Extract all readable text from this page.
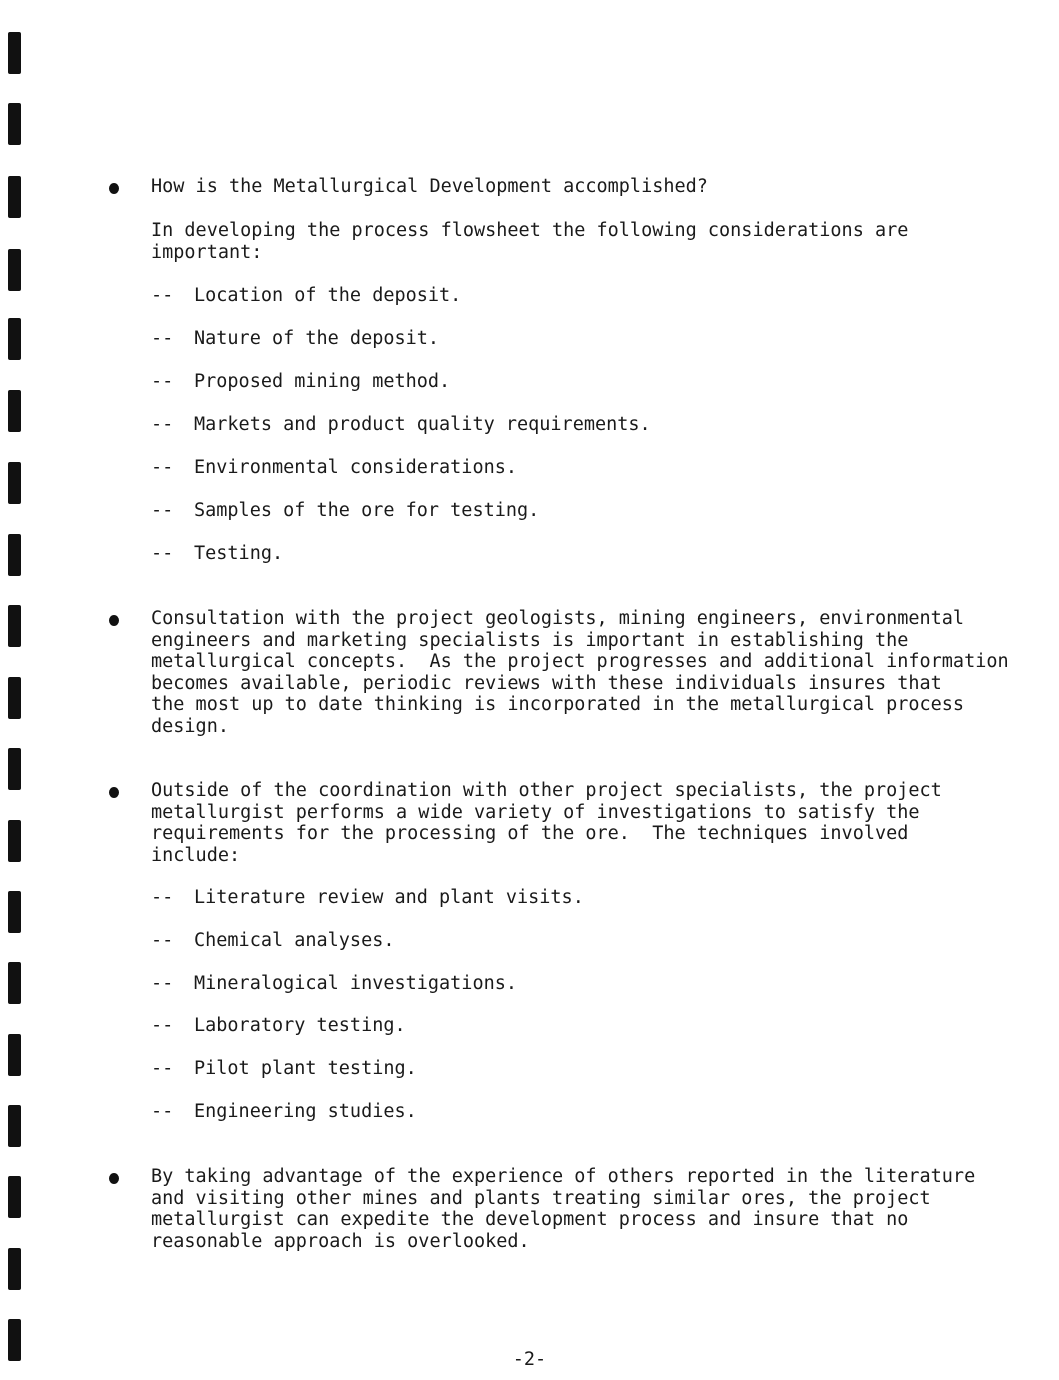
How is the Metallurgical Development accomplished?

In developing the process flowsheet the following considerations are
important:

-- Location of the deposit.

-- Nature of the deposit.

-- Proposed mining method.

-- Markets and product quality requirements.

-- Environmental considerations.

-- Samples of the ore for testing.

-- Testing.

Consultation with the project geologists, mining engineers, environmental
engineers and marketing specialists is important in establishing the
metallurgical concepts.  As the project progresses and additional information
becomes available, periodic reviews with these individuals insures that
the most up to date thinking is incorporated in the metallurgical process
design.

Outside of the coordination with other project specialists, the project
metallurgist performs a wide variety of investigations to satisfy the
requirements for the processing of the ore.  The techniques involved
include:

-- Literature review and plant visits.

-- Chemical analyses.

-- Mineralogical investigations.

-- Laboratory testing.

-- Pilot plant testing.

-- Engineering studies.

By taking advantage of the experience of others reported in the literature
and visiting other mines and plants treating similar ores, the project
metallurgist can expedite the development process and insure that no
reasonable approach is overlooked.

-2-
